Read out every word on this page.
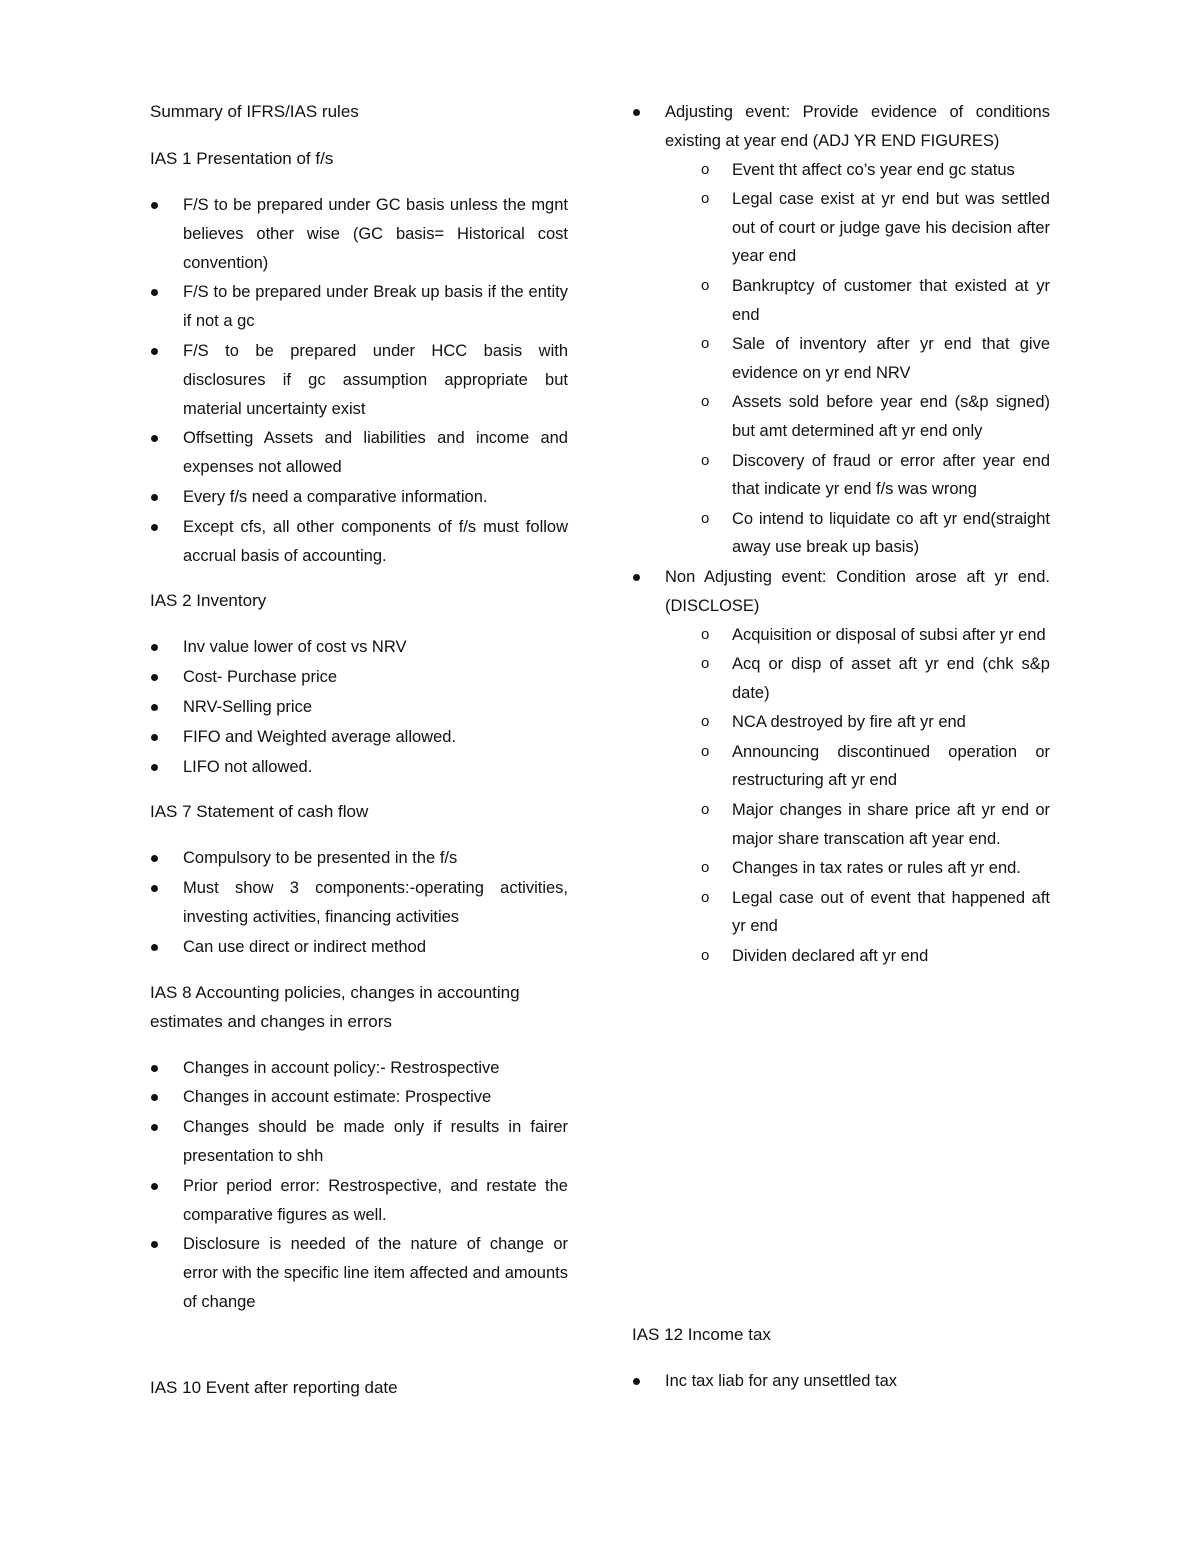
Summary of IFRS/IAS rules
IAS 1 Presentation of f/s
F/S to be prepared under GC basis unless the mgnt believes other wise (GC basis= Historical cost convention)
F/S to be prepared under Break up basis if the entity if not a gc
F/S to be prepared under HCC basis with disclosures if gc assumption appropriate but material uncertainty exist
Offsetting Assets and liabilities and income and expenses not allowed
Every f/s need a comparative information.
Except cfs, all other components of f/s must follow accrual basis of accounting.
IAS 2 Inventory
Inv value lower of cost vs NRV
Cost- Purchase price
NRV-Selling price
FIFO and Weighted average allowed.
LIFO not allowed.
IAS 7 Statement of cash flow
Compulsory to be presented in the f/s
Must show 3 components:-operating activities, investing activities, financing activities
Can use direct or indirect method
IAS 8 Accounting policies, changes in accounting estimates and changes in errors
Changes in account policy:- Restrospective
Changes in account estimate: Prospective
Changes should be made only if results in fairer presentation to shh
Prior period error: Restrospective, and restate the comparative figures as well.
Disclosure is needed of the nature of change or error with the specific line item affected and amounts of change
IAS 10 Event after reporting date
Adjusting event: Provide evidence of conditions existing at year end (ADJ YR END FIGURES)
o Event tht affect co’s year end gc status
o Legal case exist at yr end but was settled out of court or judge gave his decision after year end
o Bankruptcy of customer that existed at yr end
o Sale of inventory after yr end that give evidence on yr end NRV
o Assets sold before year end (s&p signed) but amt determined aft yr end only
o Discovery of fraud or error after year end that indicate yr end f/s was wrong
o Co intend to liquidate co aft yr end(straight away use break up basis)
Non Adjusting event: Condition arose aft yr end. (DISCLOSE)
o Acquisition or disposal of subsi after yr end
o Acq or disp of asset aft yr end (chk s&p date)
o NCA destroyed by fire aft yr end
o Announcing discontinued operation or restructuring aft yr end
o Major changes in share price aft yr end or major share transcation aft year end.
o Changes in tax rates or rules aft yr end.
o Legal case out of event that happened aft yr end
o Dividen declared aft yr end
IAS 12 Income tax
Inc tax liab for any unsettled tax
